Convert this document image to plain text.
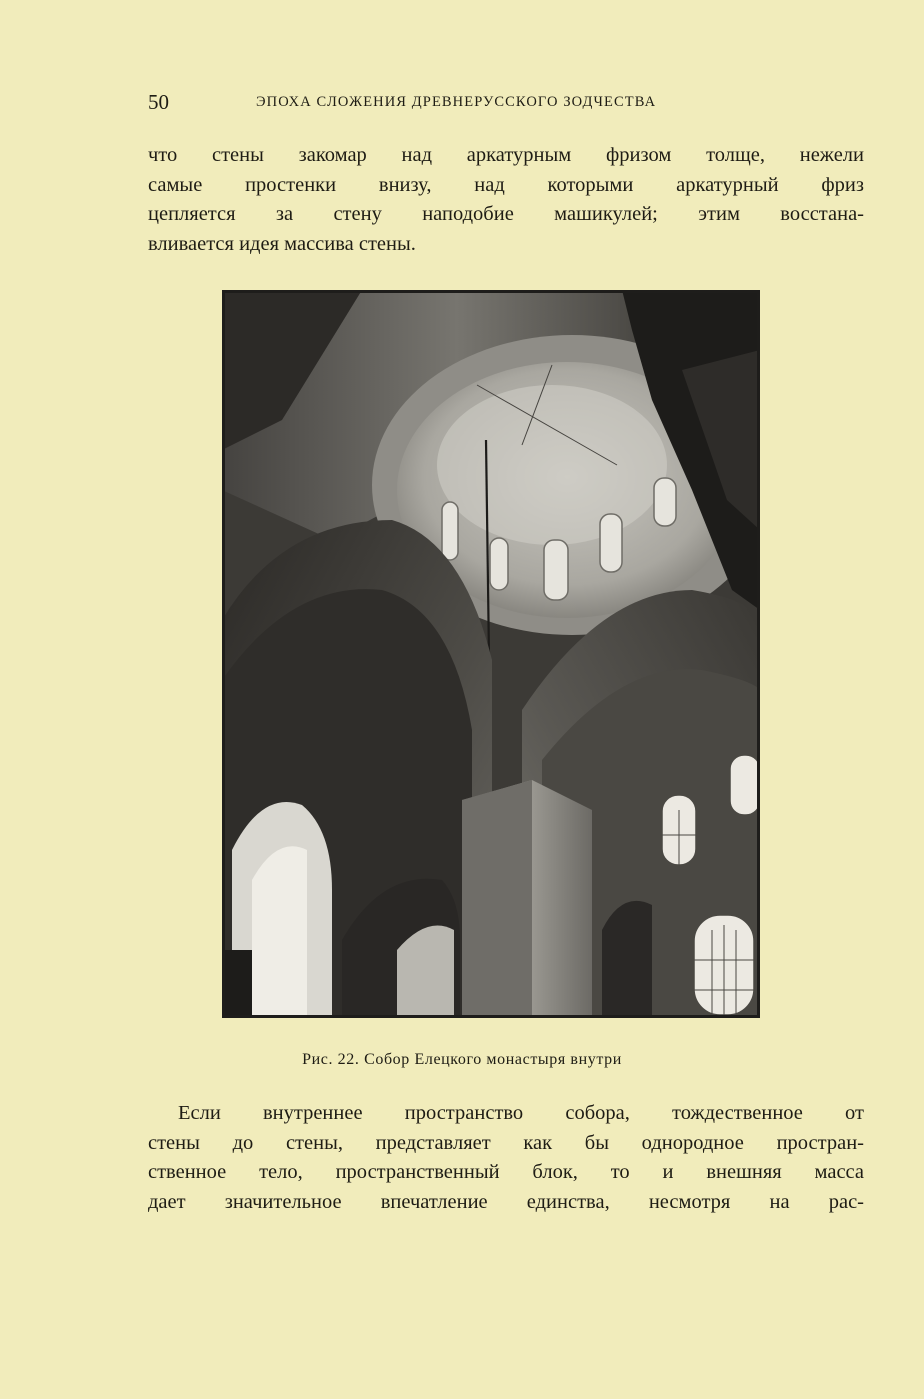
50	ЭПОХА СЛОЖЕНИЯ ДРЕВНЕРУССКОГО ЗОДЧЕСТВА
что стены закомар над аркатурным фризом толще, нежели
самые простенки внизу, над которыми аркатурный фриз
цепляется за стену наподобие машикулей; этим восстана-
вливается идея массива стены.
Рис. 22. Собор Елецкого монастыря внутри
Если внутреннее пространство собора, тождественное от
стены до стены, представляет как бы однородное простран-
ственное тело, пространственный блок, то и внешняя масса
дает значительное впечатление единства, несмотря на рас-
